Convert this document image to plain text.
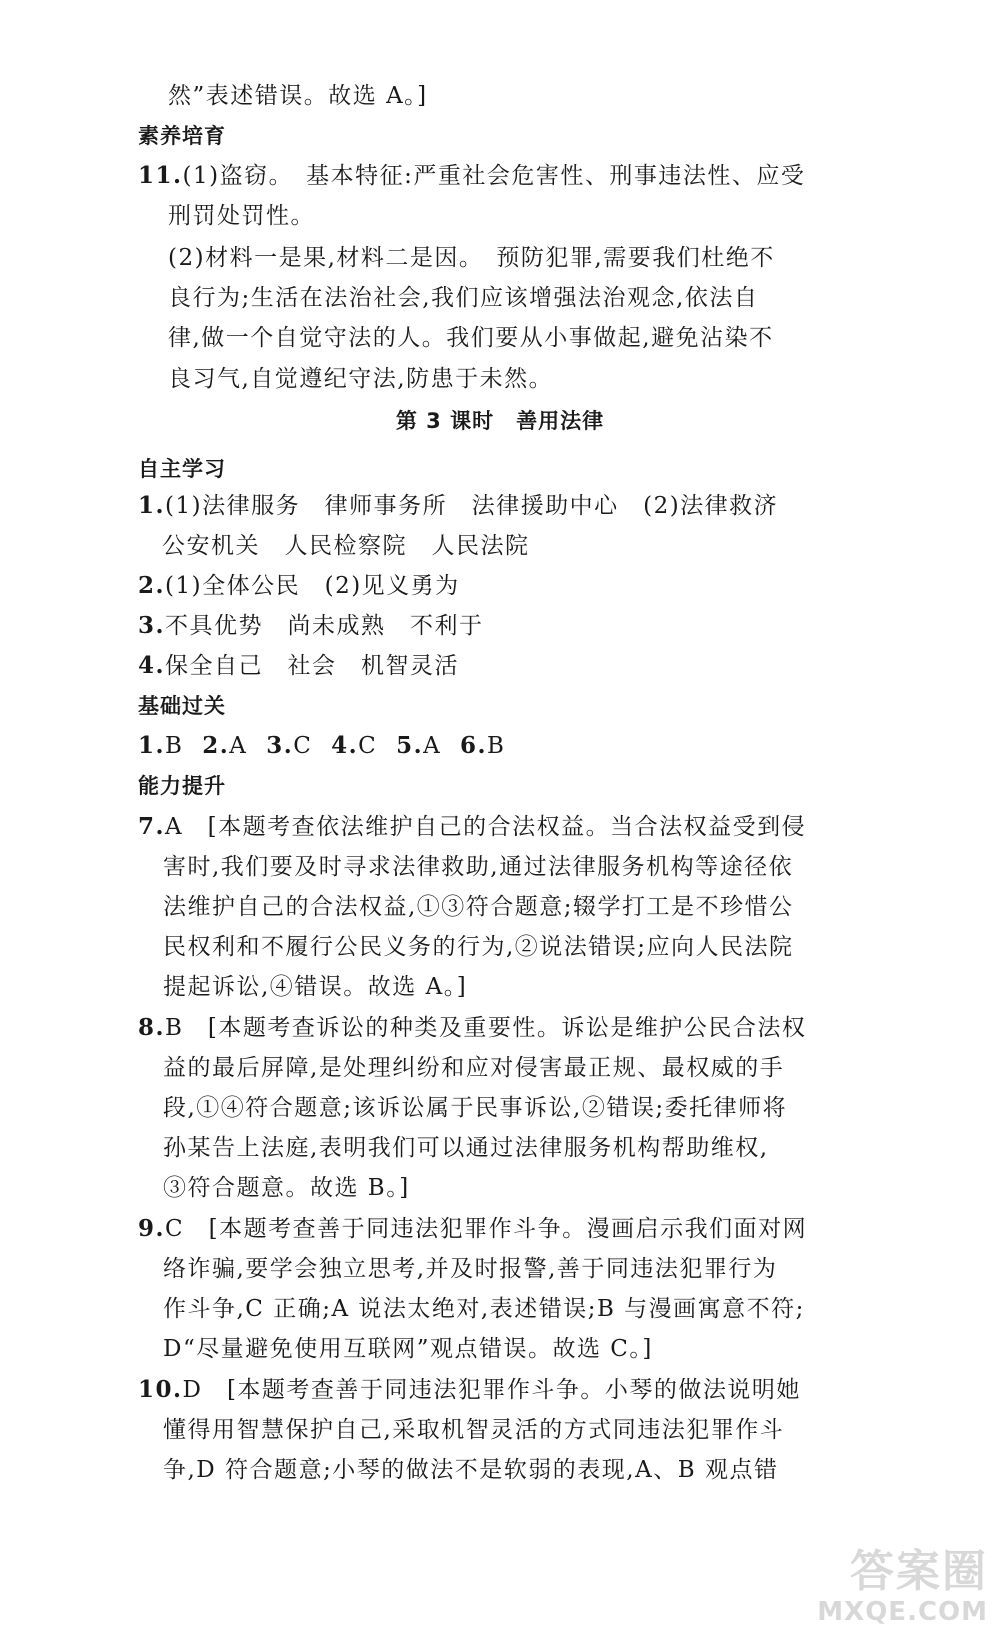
然”表述错误。故选 A。]
素养培育
11.(1)盗窃。　基本特征:严重社会危害性、刑事违法性、应受
刑罚处罚性。
(2)材料一是果,材料二是因。　预防犯罪,需要我们杜绝不
良行为;生活在法治社会,我们应该增强法治观念,依法自
律,做一个自觉守法的人。我们要从小事做起,避免沾染不
良习气,自觉遵纪守法,防患于未然。
第 3 课时　善用法律
自主学习
1.(1)法律服务　律师事务所　法律援助中心　(2)法律救济
公安机关　人民检察院　人民法院
2.(1)全体公民　(2)见义勇为
3.不具优势　尚未成熟　不利于
4.保全自己　社会　机智灵活
基础过关
1.B 2.A 3.C 4.C 5.A 6.B
能力提升
7.A　[本题考查依法维护自己的合法权益。当合法权益受到侵
害时,我们要及时寻求法律救助,通过法律服务机构等途径依
法维护自己的合法权益,①③符合题意;辍学打工是不珍惜公
民权利和不履行公民义务的行为,②说法错误;应向人民法院
提起诉讼,④错误。故选 A。]
8.B　[本题考查诉讼的种类及重要性。诉讼是维护公民合法权
益的最后屏障,是处理纠纷和应对侵害最正规、最权威的手
段,①④符合题意;该诉讼属于民事诉讼,②错误;委托律师将
孙某告上法庭,表明我们可以通过法律服务机构帮助维权,
③符合题意。故选 B。]
9.C　[本题考查善于同违法犯罪作斗争。漫画启示我们面对网
络诈骗,要学会独立思考,并及时报警,善于同违法犯罪行为
作斗争,C 正确;A 说法太绝对,表述错误;B 与漫画寓意不符;
D“尽量避免使用互联网”观点错误。故选 C。]
10.D　[本题考查善于同违法犯罪作斗争。小琴的做法说明她
懂得用智慧保护自己,采取机智灵活的方式同违法犯罪作斗
争,D 符合题意;小琴的做法不是软弱的表现,A、B 观点错
答案圈
MXQE.COM
